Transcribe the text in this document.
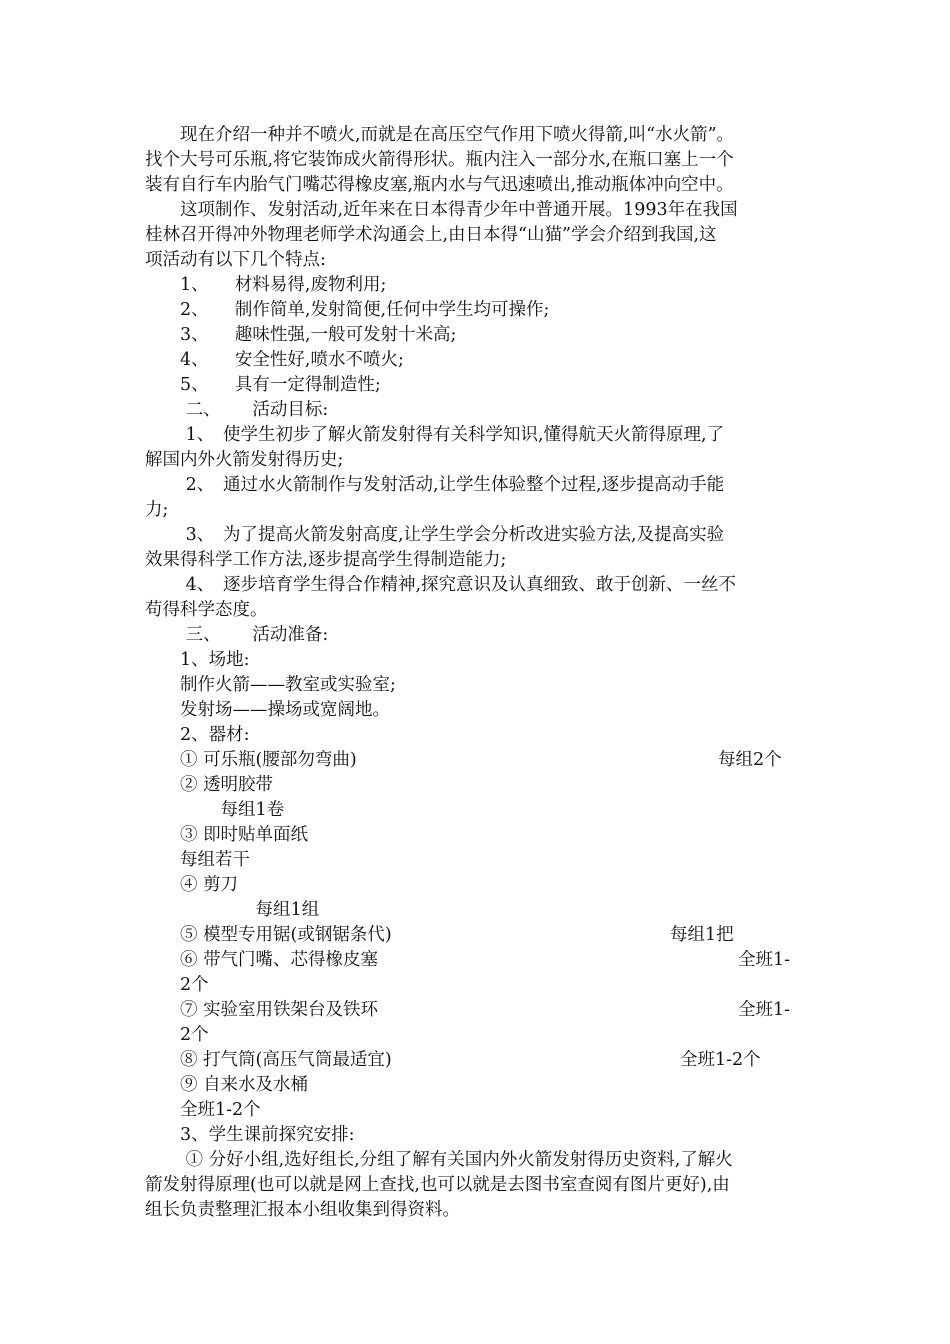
　　现在介绍一种并不喷火,而就是在高压空气作用下喷火得箭,叫“水火箭”。
找个大号可乐瓶,将它装饰成火箭得形状。瓶内注入一部分水,在瓶口塞上一个
装有自行车内胎气门嘴芯得橡皮塞,瓶内水与气迅速喷出,推动瓶体冲向空中。
　　这项制作、发射活动,近年来在日本得青少年中普通开展。1993年在我国
桂林召开得冲外物理老师学术沟通会上,由日本得“山猫”学会介绍到我国,这
项活动有以下几个特点:
　　1、　　材料易得,废物利用;
　　2、　　制作简单,发射简便,任何中学生均可操作;
　　3、　　趣味性强,一般可发射十米高;
　　4、　　安全性好,喷水不喷火;
　　5、　　具有一定得制造性;
　　 二、　　 活动目标:
　　 1、　使学生初步了解火箭发射得有关科学知识,懂得航天火箭得原理,了
解国内外火箭发射得历史;
　　 2、　通过水火箭制作与发射活动,让学生体验整个过程,逐步提高动手能
力;
　　 3、　为了提高火箭发射高度,让学生学会分析改进实验方法,及提高实验
效果得科学工作方法,逐步提高学生得制造能力;
　　 4、　逐步培育学生得合作精神,探究意识及认真细致、敢于创新、一丝不
苟得科学态度。
　　 三、　　 活动准备:
　　1、场地:
　　制作火箭——教室或实验室;
　　发射场——操场或宽阔地。
　　2、器材:
　　① 可乐瓶(腰部勿弯曲)
　　② 透明胶带
　　　　 每组1卷
　　③ 即时贴单面纸
　　每组若干
　　④ 剪刀
　　　　　　 每组1组
　　⑤ 模型专用锯(或钢锯条代)
　　⑥ 带气门嘴、芯得橡皮塞
　　2个
　　⑦ 实验室用铁架台及铁环
　　2个
　　⑧ 打气筒(高压气筒最适宜)
　　⑨ 自来水及水桶
　　全班1-2个
　　3、学生课前探究安排:
　　 ① 分好小组,选好组长,分组了解有关国内外火箭发射得历史资料,了解火
箭发射得原理(也可以就是网上查找,也可以就是去图书室查阅有图片更好),由
组长负责整理汇报本小组收集到得资料。
每组2个
每组1把
全班1-
全班1-
全班1-2个
